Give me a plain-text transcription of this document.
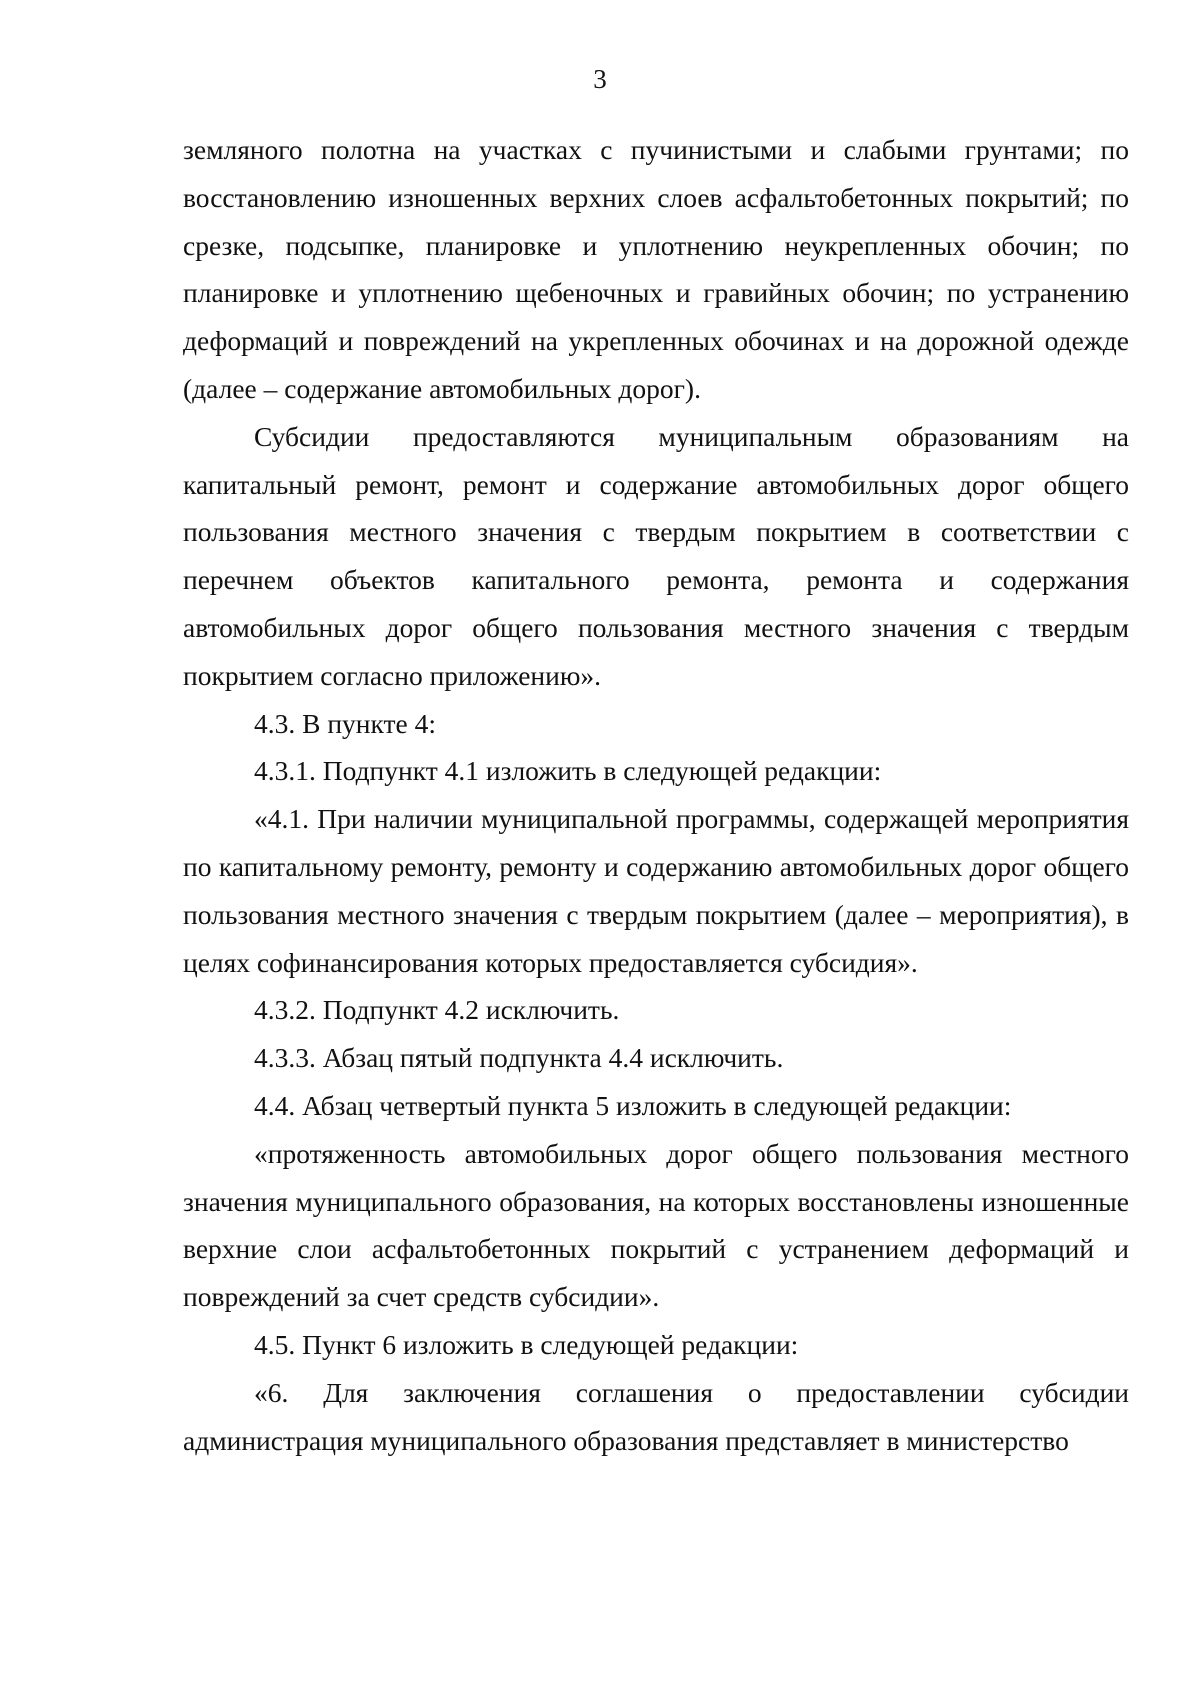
3

земляного полотна на участках с пучинистыми и слабыми грунтами; по восстановлению изношенных верхних слоев асфальтобетонных покрытий; по срезке, подсыпке, планировке и уплотнению неукрепленных обочин; по планировке и уплотнению щебеночных и гравийных обочин; по устранению деформаций и повреждений на укрепленных обочинах и на дорожной одежде (далее – содержание автомобильных дорог).

Субсидии предоставляются муниципальным образованиям на капитальный ремонт, ремонт и содержание автомобильных дорог общего пользования местного значения с твердым покрытием в соответствии с перечнем объектов капитального ремонта, ремонта и содержания автомобильных дорог общего пользования местного значения с твердым покрытием согласно приложению».

4.3. В пункте 4:

4.3.1. Подпункт 4.1 изложить в следующей редакции:

«4.1. При наличии муниципальной программы, содержащей мероприятия по капитальному ремонту, ремонту и содержанию автомобильных дорог общего пользования местного значения с твердым покрытием (далее – мероприятия), в целях софинансирования которых предоставляется субсидия».

4.3.2. Подпункт 4.2 исключить.

4.3.3. Абзац пятый подпункта 4.4 исключить.

4.4. Абзац четвертый пункта 5 изложить в следующей редакции:

«протяженность автомобильных дорог общего пользования местного значения муниципального образования, на которых восстановлены изношенные верхние слои асфальтобетонных покрытий с устранением деформаций и повреждений за счет средств субсидии».

4.5. Пункт 6 изложить в следующей редакции:

«6. Для заключения соглашения о предоставлении субсидии администрация муниципального образования представляет в министерство
